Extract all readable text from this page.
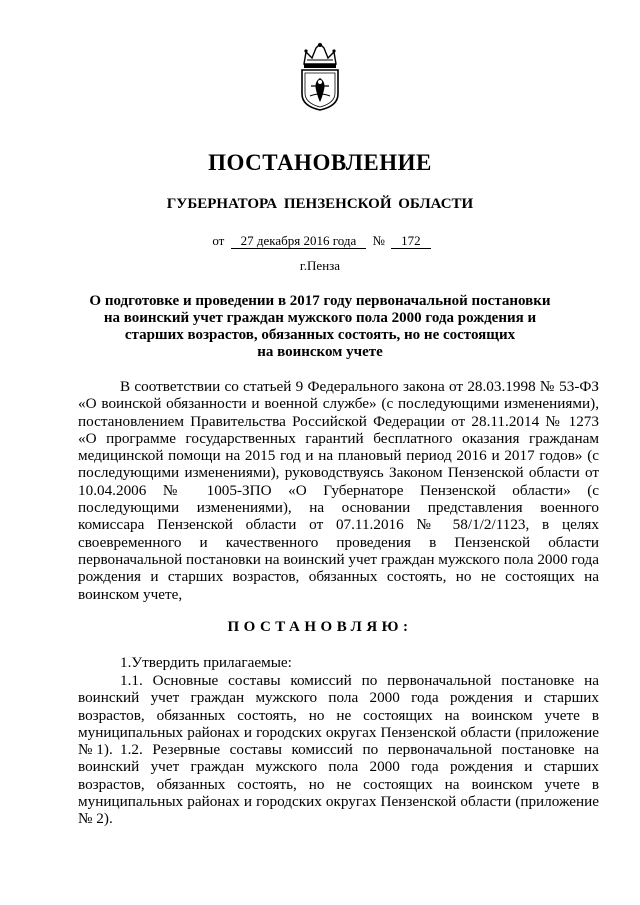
ПОСТАНОВЛЕНИЕ
ГУБЕРНАТОРА ПЕНЗЕНСКОЙ ОБЛАСТИ
от 27 декабря 2016 года № 172
г.Пенза
О подготовке и проведении в 2017 году первоначальной постановки
на воинский учет граждан мужского пола 2000 года рождения и
старших возрастов, обязанных состоять, но не состоящих
на воинском учете
В соответствии со статьей 9 Федерального закона от 28.03.1998 № 53-ФЗ «О воинской обязанности и военной службе» (с последующими изменениями), постановлением Правительства Российской Федерации от 28.11.2014 № 1273 «О программе государственных гарантий бесплатного оказания гражданам медицинской помощи на 2015 год и на плановый период 2016 и 2017 годов» (с последующими изменениями), руководствуясь Законом Пензенской области от 10.04.2006 № 1005-ЗПО «О Губернаторе Пензенской области» (с последующими изменениями), на основании представления военного комиссара Пензенской области от 07.11.2016 № 58/1/2/1123, в целях своевременного и качественного проведения в Пензенской области первоначальной постановки на воинский учет граждан мужского пола 2000 года рождения и старших возрастов, обязанных состоять, но не состоящих на воинском учете,
ПОСТАНОВЛЯЮ:
1.Утвердить прилагаемые:
1.1. Основные составы комиссий по первоначальной постановке на воинский учет граждан мужского пола 2000 года рождения и старших возрастов, обязанных состоять, но не состоящих на воинском учете в муниципальных районах и городских округах Пензенской области (приложение № 1). 1.2. Резервные составы комиссий по первоначальной постановке на воинский учет граждан мужского пола 2000 года рождения и старших возрастов, обязанных состоять, но не состоящих на воинском учете в муниципальных районах и городских округах Пензенской области (приложение № 2).
